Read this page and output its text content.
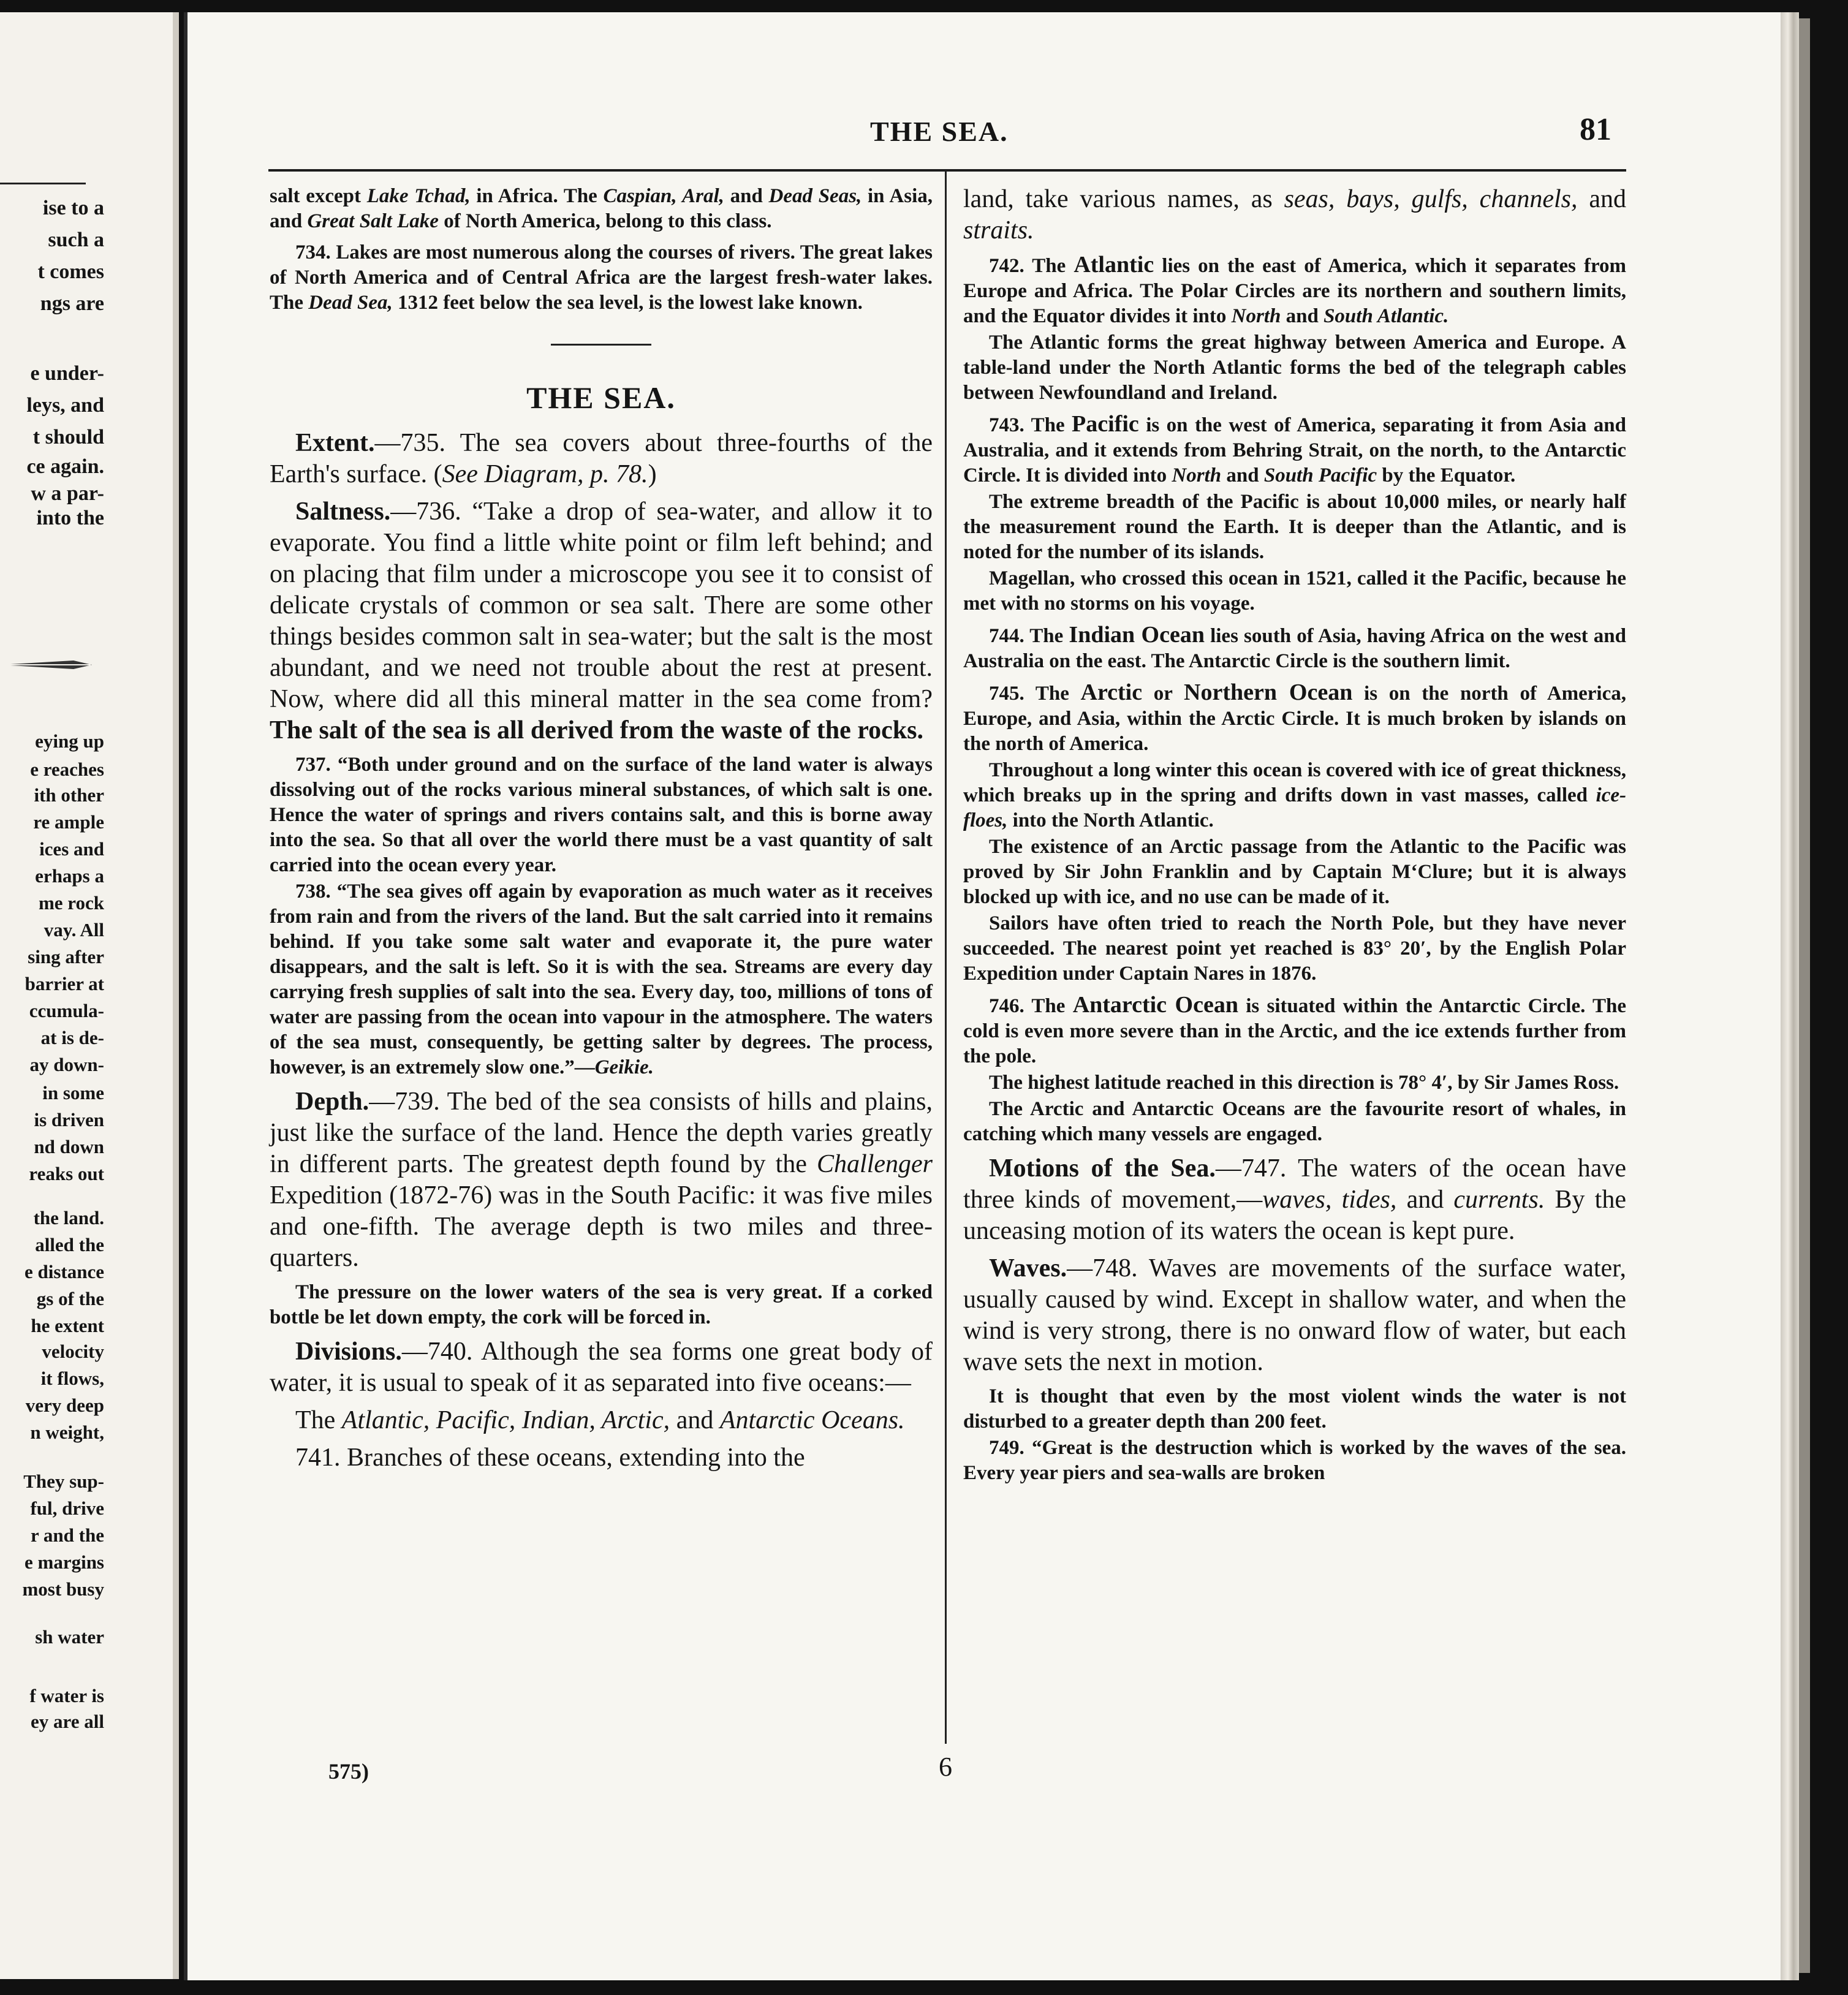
ise to a
such a
t comes
ngs are
e under-
leys, and
t should
ce again.
w a par-
into the
eying up
e reaches
ith other
re ample
ices and
erhaps a
me rock
vay. All
sing after
barrier at
ccumula-
at is de-
ay down-
in some
is driven
nd down
reaks out
the land.
alled the
e distance
gs of the
he extent
velocity
it flows,
very deep
n weight,
They sup-
ful, drive
r and the
e margins
most busy
sh water
f water is
ey are all
THE SEA.	81

salt except Lake Tchad, in Africa. The Caspian, Aral, and Dead Seas, in Asia, and Great Salt Lake of North America, belong to this class.

734. Lakes are most numerous along the courses of rivers. The great lakes of North America and of Central Africa are the largest fresh-water lakes. The Dead Sea, 1312 feet below the sea level, is the lowest lake known.

THE SEA.

Extent.—735. The sea covers about three-fourths of the Earth's surface. (See Diagram, p. 78.)

Saltness.—736. “Take a drop of sea-water, and allow it to evaporate. You find a little white point or film left behind; and on placing that film under a microscope you see it to consist of delicate crystals of common or sea salt. There are some other things besides common salt in sea-water; but the salt is the most abundant, and we need not trouble about the rest at present. Now, where did all this mineral matter in the sea come from? The salt of the sea is all derived from the waste of the rocks.

737. “Both under ground and on the surface of the land water is always dissolving out of the rocks various mineral substances, of which salt is one. Hence the water of springs and rivers contains salt, and this is borne away into the sea. So that all over the world there must be a vast quantity of salt carried into the ocean every year.

738. “The sea gives off again by evaporation as much water as it receives from rain and from the rivers of the land. But the salt carried into it remains behind. If you take some salt water and evaporate it, the pure water disappears, and the salt is left. So it is with the sea. Streams are every day carrying fresh supplies of salt into the sea. Every day, too, millions of tons of water are passing from the ocean into vapour in the atmosphere. The waters of the sea must, consequently, be getting salter by degrees. The process, however, is an extremely slow one.”—Geikie.

Depth.—739. The bed of the sea consists of hills and plains, just like the surface of the land. Hence the depth varies greatly in different parts. The greatest depth found by the Challenger Expedition (1872-76) was in the South Pacific: it was five miles and one-fifth. The average depth is two miles and three-quarters.

The pressure on the lower waters of the sea is very great. If a corked bottle be let down empty, the cork will be forced in.

Divisions.—740. Although the sea forms one great body of water, it is usual to speak of it as separated into five oceans:—

The Atlantic, Pacific, Indian, Arctic, and Antarctic Oceans.

741. Branches of these oceans, extending into the

land, take various names, as seas, bays, gulfs, channels, and straits.

742. The Atlantic lies on the east of America, which it separates from Europe and Africa. The Polar Circles are its northern and southern limits, and the Equator divides it into North and South Atlantic.

The Atlantic forms the great highway between America and Europe. A table-land under the North Atlantic forms the bed of the telegraph cables between Newfoundland and Ireland.

743. The Pacific is on the west of America, separating it from Asia and Australia, and it extends from Behring Strait, on the north, to the Antarctic Circle. It is divided into North and South Pacific by the Equator.

The extreme breadth of the Pacific is about 10,000 miles, or nearly half the measurement round the Earth. It is deeper than the Atlantic, and is noted for the number of its islands.

Magellan, who crossed this ocean in 1521, called it the Pacific, because he met with no storms on his voyage.

744. The Indian Ocean lies south of Asia, having Africa on the west and Australia on the east. The Antarctic Circle is the southern limit.

745. The Arctic or Northern Ocean is on the north of America, Europe, and Asia, within the Arctic Circle. It is much broken by islands on the north of America.

Throughout a long winter this ocean is covered with ice of great thickness, which breaks up in the spring and drifts down in vast masses, called ice-floes, into the North Atlantic.

The existence of an Arctic passage from the Atlantic to the Pacific was proved by Sir John Franklin and by Captain M‘Clure; but it is always blocked up with ice, and no use can be made of it.

Sailors have often tried to reach the North Pole, but they have never succeeded. The nearest point yet reached is 83° 20′, by the English Polar Expedition under Captain Nares in 1876.

746. The Antarctic Ocean is situated within the Antarctic Circle. The cold is even more severe than in the Arctic, and the ice extends further from the pole.

The highest latitude reached in this direction is 78° 4′, by Sir James Ross.

The Arctic and Antarctic Oceans are the favourite resort of whales, in catching which many vessels are engaged.

Motions of the Sea.—747. The waters of the ocean have three kinds of movement,—waves, tides, and currents. By the unceasing motion of its waters the ocean is kept pure.

Waves.—748. Waves are movements of the surface water, usually caused by wind. Except in shallow water, and when the wind is very strong, there is no onward flow of water, but each wave sets the next in motion.

It is thought that even by the most violent winds the water is not disturbed to a greater depth than 200 feet.

749. “Great is the destruction which is worked by the waves of the sea. Every year piers and sea-walls are broken

575)	6
